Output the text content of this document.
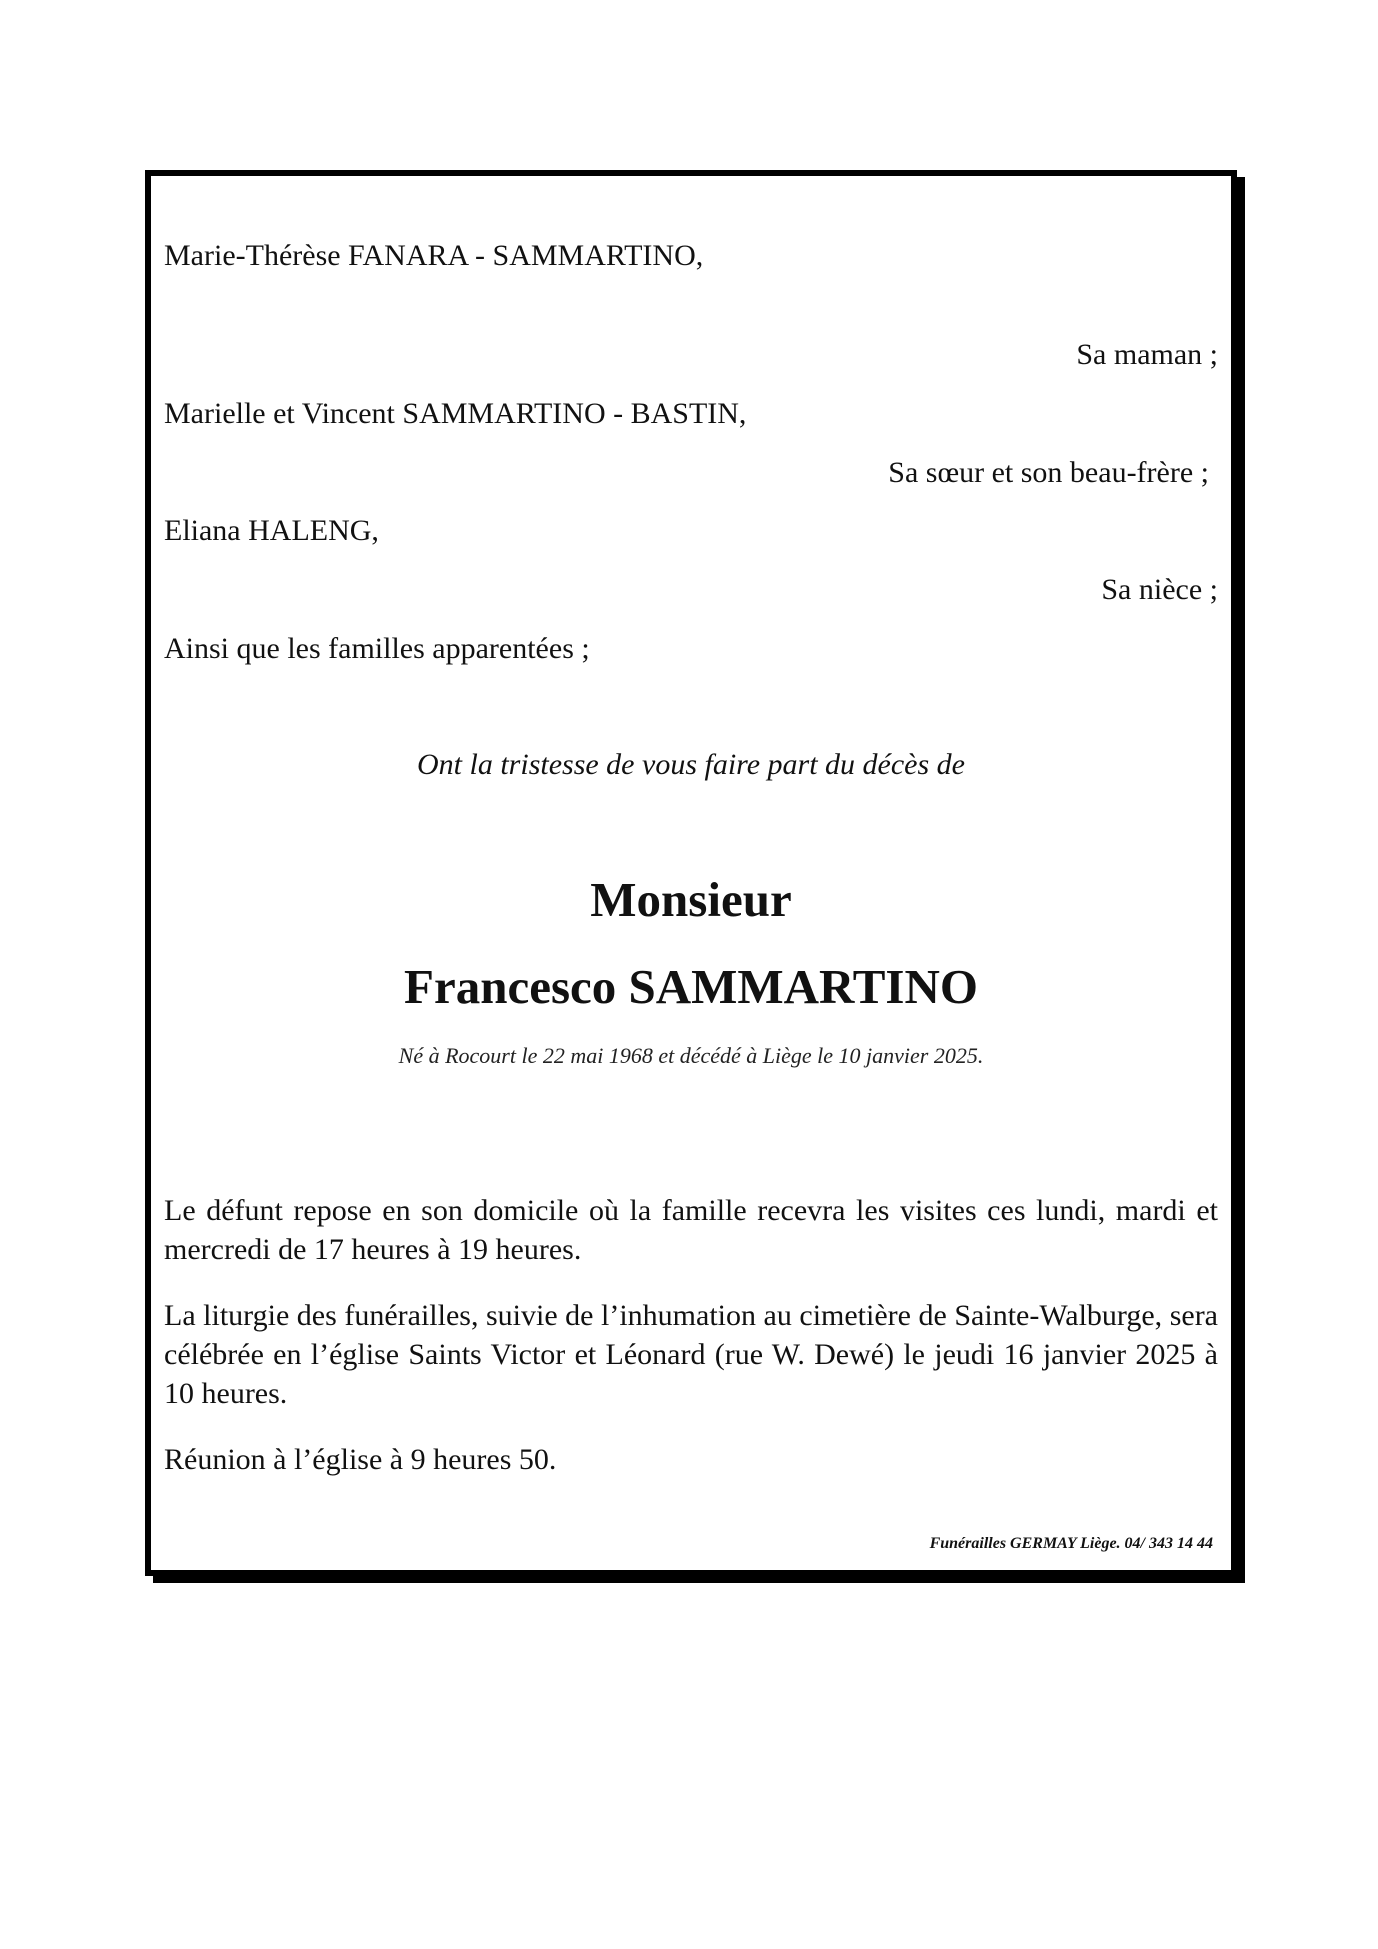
Marie-Thérèse FANARA - SAMMARTINO,
Sa maman ;
Marielle et Vincent SAMMARTINO - BASTIN,
Sa sœur et son beau-frère ;
Eliana HALENG,
Sa nièce ;
Ainsi que les familles apparentées ;
Ont la tristesse de vous faire part du décès de
Monsieur
Francesco SAMMARTINO
Né à Rocourt le 22 mai 1968 et décédé à Liège le 10 janvier 2025.
Le défunt repose en son domicile où la famille recevra les visites ces lundi, mardi et mercredi de 17 heures à 19 heures.
La liturgie des funérailles, suivie de l’inhumation au cimetière de Sainte-Walburge, sera célébrée en l’église Saints Victor et Léonard (rue W. Dewé) le jeudi 16 janvier 2025 à 10 heures.
Réunion à l’église à 9 heures 50.
Funérailles GERMAY Liège. 04/ 343 14 44
